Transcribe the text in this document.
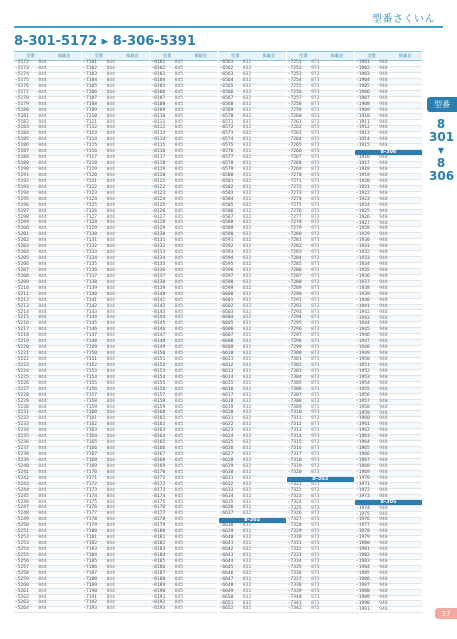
型番さくいん
8-301-5172 ▸ 8-306-5391
型番	掲載頁
-5172	844
-5173	844
-5174	844
-5175	844
-5176	844
-5177	844
-5178	844
-5179	844
-5180	844
-5181	844
-5182	844
-5183	844
-5184	844
-5185	844
-5186	844
-5187	844
-5188	844
-5189	844
-5190	844
-5191	844
-5192	844
-5193	844
-5194	844
-5195	844
-5196	844
-5197	844
-5198	844
-5199	844
-5200	844
-5201	844
-5202	844
-5203	844
-5204	844
-5205	844
-5206	844
-5207	844
-5208	844
-5209	844
-5210	844
-5211	844
-5212	844
-5213	844
-5214	844
-5215	844
-5216	844
-5217	844
-5218	844
-5219	844
-5220	844
-5221	844
-5222	844
-5223	844
-5224	844
-5225	844
-5226	844
-5227	844
-5228	844
-5229	844
-5230	844
-5231	844
-5232	844
-5233	844
-5234	844
-5235	844
-5236	844
-5237	844
-5238	844
-5239	844
-5240	844
-5241	844
-5242	844
-5243	844
-5244	844
-5245	844
-5246	844
-5247	844
-5248	844
-5249	844
-5250	844
-5251	844
-5252	844
-5253	844
-5254	844
-5255	844
-5256	844
-5257	844
-5258	844
-5259	844
-5260	844
-5261	844
-5262	844
-5263	844
-5264	844
型番	掲載頁
-7101	844
-7102	844
-7103	844
-7104	844
-7105	844
-7106	844
-7107	844
-7108	844
-7109	844
-7110	844
-7111	844
-7112	844
-7113	844
-7114	844
-7115	844
-7116	844
-7117	844
-7118	844
-7119	844
-7120	844
-7121	844
-7122	844
-7123	844
-7124	844
-7125	844
-7126	844
-7127	844
-7128	844
-7129	844
-7130	844
-7131	844
-7132	844
-7133	844
-7134	844
-7135	844
-7136	844
-7137	844
-7138	844
-7139	844
-7140	844
-7141	844
-7142	844
-7143	844
-7144	844
-7145	844
-7146	844
-7147	844
-7148	844
-7149	844
-7150	844
-7151	844
-7152	844
-7153	844
-7154	844
-7155	844
-7156	844
-7157	844
-7158	844
-7159	844
-7160	844
-7161	844
-7162	844
-7163	844
-7164	844
-7165	844
-7166	844
-7167	844
-7168	844
-7169	844
-7170	844
-7171	844
-7172	844
-7173	844
-7174	844
-7175	844
-7176	844
-7177	844
-7178	844
-7179	844
-7180	844
-7181	844
-7182	844
-7183	844
-7184	844
-7185	844
-7186	844
-7187	844
-7188	844
-7189	844
-7190	844
-7191	844
-7192	844
-7193	844
型番	掲載頁
-8101	845
-8102	845
-8103	845
-8104	845
-8105	845
-8106	845
-8107	845
-8108	845
-8109	845
-8110	845
-8111	845
-8112	845
-8113	845
-8114	845
-8115	845
-8116	845
-8117	845
-8118	845
-8119	845
-8120	845
-8121	845
-8122	845
-8123	845
-8124	845
-8125	845
-8126	845
-8127	845
-8128	845
-8129	845
-8130	845
-8131	845
-8132	845
-8133	845
-8134	845
-8135	845
-8136	845
-8137	845
-8138	845
-8139	845
-8140	845
-8141	845
-8142	845
-8143	845
-8144	845
-8145	845
-8146	845
-8147	845
-8148	845
-8149	845
-8150	845
-8151	845
-8152	845
-8153	845
-8154	845
-8155	845
-8156	845
-8157	845
-8158	845
-8159	845
-8160	845
-8161	845
-8162	845
-8163	845
-8164	845
-8165	845
-8166	845
-8167	845
-8168	845
-8169	845
-8170	845
-8171	845
-8172	845
-8173	845
-8174	845
-8175	845
-8176	845
-8177	845
-8178	845
-8179	845
-8180	845
-8181	845
-8182	845
-8183	845
-8184	845
-8185	845
-8186	845
-8187	845
-8188	845
-8189	845
-8190	845
-8191	845
-8192	845
-8193	845
型番	掲載頁
-6561	832
-6562	832
-6563	832
-6564	832
-6565	832
-6566	832
-6567	832
-6568	832
-6569	832
-6570	832
-6571	832
-6572	832
-6573	832
-6574	832
-6575	832
-6576	832
-6577	832
-6578	832
-6579	832
-6580	832
-6581	832
-6582	832
-6583	832
-6584	832
-6585	832
-6586	832
-6587	832
-6588	832
-6589	832
-6590	832
-6591	832
-6592	832
-6593	832
-6594	832
-6595	832
-6596	832
-6597	832
-6598	832
-6599	832
-6600	832
-6601	832
-6602	832
-6603	832
-6604	832
-6605	832
-6606	832
-6607	832
-6608	832
-6609	832
-6610	832
-6611	832
-6612	832
-6613	832
-6614	832
-6615	832
-6616	832
-6617	832
-6618	832
-6619	832
-6620	832
-6621	832
-6622	832
-6623	832
-6624	832
-6625	832
-6626	832
-6627	832
-6628	832
-6629	832
-6630	832
-6631	832
-6632	832
-6633	832
-6634	832
-6635	832
-6636	832
-6637	832
8-302
-6638	832
-6639	832
-6640	832
-6641	832
-6642	832
-6643	832
-6644	832
-6645	832
-6646	832
-6647	832
-6648	832
-6649	832
-6650	832
-6651	832
-6652	832
型番	掲載頁
-7251	873
-7252	873
-7253	873
-7254	873
-7255	873
-7256	873
-7257	873
-7258	873
-7259	873
-7260	873
-7261	873
-7262	873
-7263	873
-7264	873
-7265	873
-7266	873
-7267	873
-7268	873
-7269	873
-7270	873
-7271	873
-7272	873
-7273	873
-7274	873
-7275	873
-7276	873
-7277	873
-7278	873
-7279	873
-7280	873
-7281	873
-7282	873
-7283	873
-7284	873
-7285	873
-7286	873
-7287	873
-7288	873
-7289	873
-7290	873
-7291	873
-7292	873
-7293	873
-7294	873
-7295	873
-7296	873
-7297	873
-7298	873
-7299	873
-7300	873
-7301	873
-7302	873
-7303	873
-7304	873
-7305	873
-7306	873
-7307	873
-7308	873
-7309	873
-7310	873
-7311	873
-7312	873
-7313	873
-7314	873
-7315	873
-7316	873
-7317	873
-7318	873
-7319	873
-7320	873
8-303
-7321	873
-7322	873
-7323	873
-7324	873
-7325	873
-7326	873
-7327	873
-7328	873
-7329	873
-7330	873
-7331	873
-7332	873
-7333	873
-7334	873
-7335	873
-7336	873
-7337	873
-7338	873
-7339	873
-7340	873
-7341	873
-7342	873
型番	掲載頁
-1901	948
-1902	948
-1903	948
-1904	948
-1905	948
-1906	948
-1907	948
-1908	948
-1909	948
-1910	948
-1911	948
-1912	948
-1913	948
-1914	948
-1915	948
8-306
-1916	948
-1917	948
-1918	948
-1919	948
-1920	948
-1921	948
-1922	948
-1923	948
-1924	948
-1925	948
-1926	948
-1927	948
-1928	948
-1929	948
-1930	948
-1931	948
-1932	948
-1933	948
-1934	948
-1935	948
-1936	948
-1937	948
-1938	948
-1939	948
-1940	948
-1941	948
-1942	948
-1943	948
-1944	948
-1945	948
-1946	948
-1947	948
-1948	948
-1949	948
-1950	948
-1951	948
-1952	948
-1953	948
-1954	948
-1955	948
-1956	948
-1957	948
-1958	948
-1959	948
-1960	948
-1961	948
-1962	948
-1963	948
-1964	948
-1965	948
-1966	948
-1967	948
-1968	948
-1969	948
-1970	948
-1971	948
-1972	948
-1973	948
8-305
-1974	948
-1975	948
-1976	948
-1977	948
-1978	948
-1979	948
-1980	948
-1981	948
-1982	948
-1983	948
-1984	948
-1985	948
-1986	948
-1987	948
-1988	948
-1989	948
-1990	948
-1991	948
型番
8
301
▼
8
306
37
